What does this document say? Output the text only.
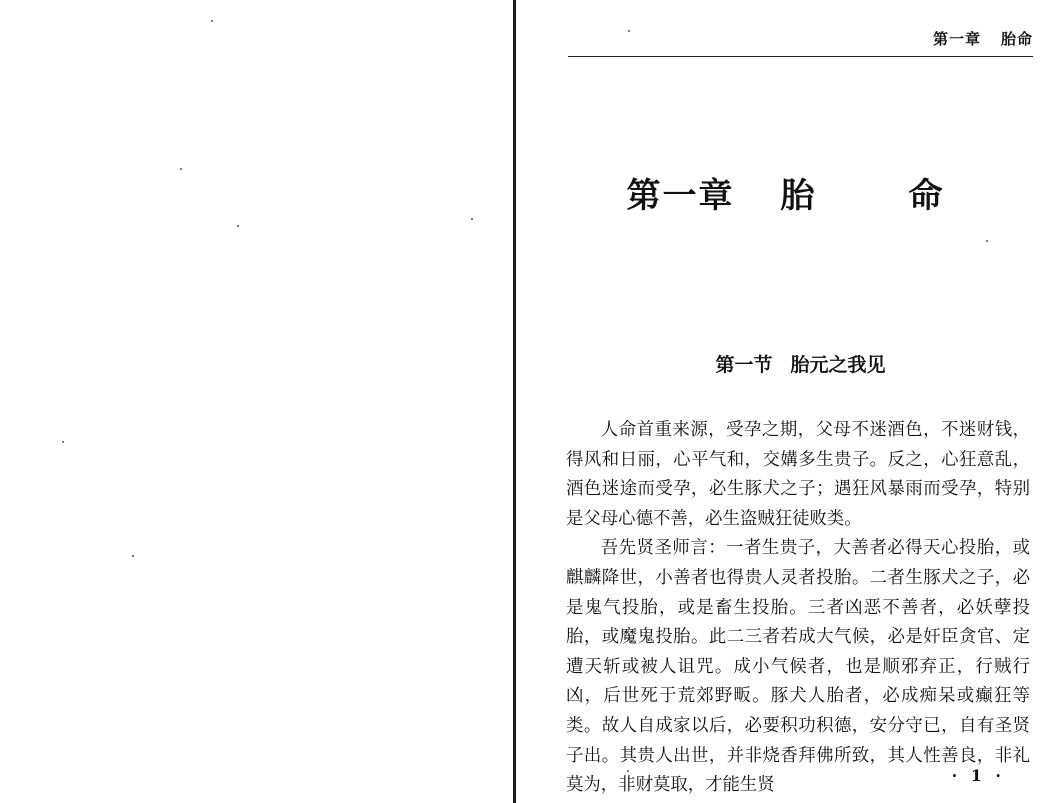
第一章 胎命
第一章 胎	命
第一节 胎元之我见

人命首重来源，受孕之期，父母不迷酒色，不迷财钱，得风和日丽，心平气和，交媾多生贵子。反之，心狂意乱，酒色迷途而受孕，必生豚犬之子；遇狂风暴雨而受孕，特别是父母心德不善，必生盗贼狂徒败类。

吾先贤圣师言：一者生贵子，大善者必得天心投胎，或麒麟降世，小善者也得贵人灵者投胎。二者生豚犬之子，必是鬼气投胎，或是畜生投胎。三者凶恶不善者，必妖孽投胎，或魔鬼投胎。此二三者若成大气候，必是奸臣贪官、定遭天斩或被人诅咒。成小气候者，也是顺邪弃正，行贼行凶，后世死于荒郊野畈。豚犬人胎者，必成痴呆或癫狂等类。故人自成家以后，必要积功积德，安分守已，自有圣贤子出。其贵人出世，并非烧香拜佛所致，其人性善良，非礼莫为，非财莫取，才能生贤	· 1 ·
